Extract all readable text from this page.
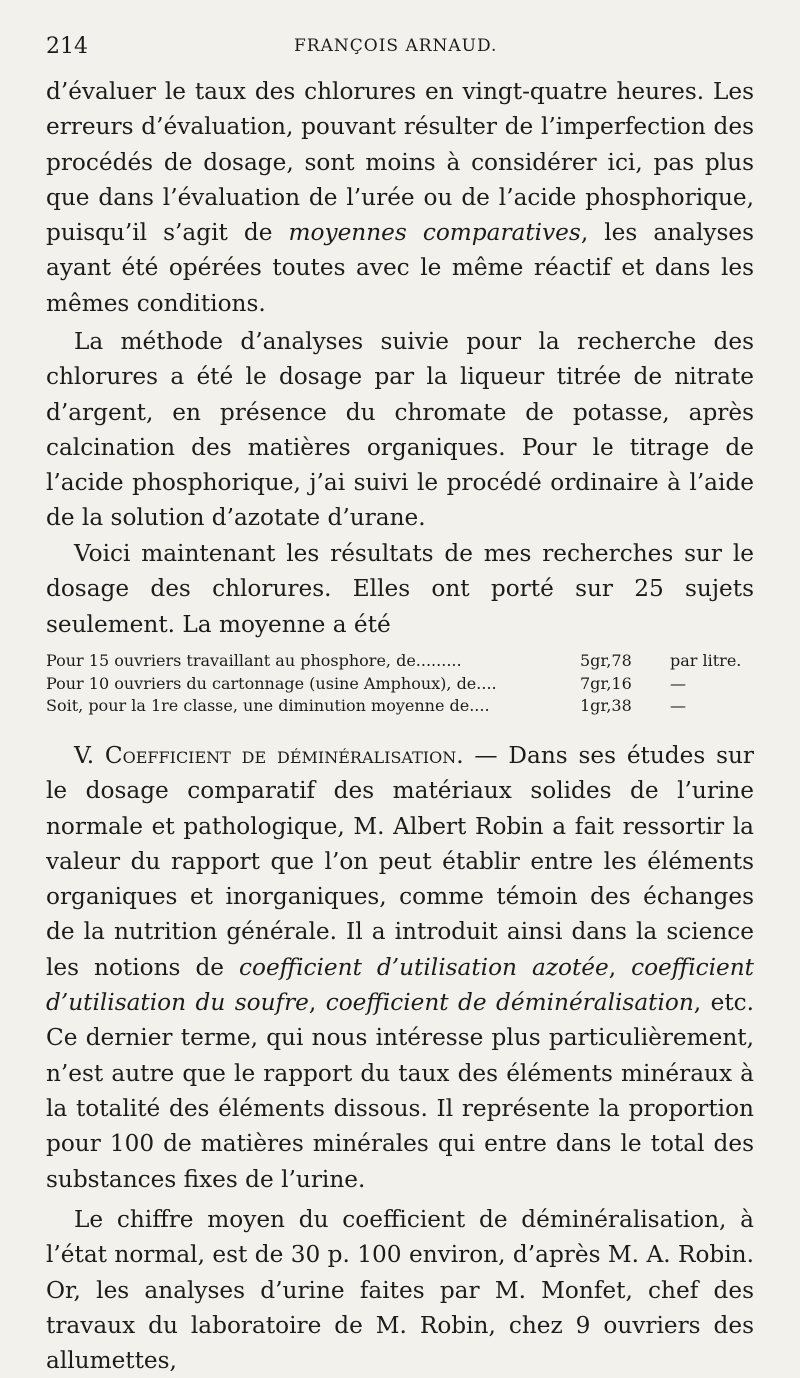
214	FRANÇOIS ARNAUD.

d’évaluer le taux des chlorures en vingt-quatre heures. Les erreurs d’évaluation, pouvant résulter de l’imperfection des procédés de dosage, sont moins à considérer ici, pas plus que dans l’évaluation de l’urée ou de l’acide phosphorique, puisqu’il s’agit de moyennes comparatives, les analyses ayant été opérées toutes avec le même réactif et dans les mêmes conditions.

La méthode d’analyses suivie pour la recherche des chlorures a été le dosage par la liqueur titrée de nitrate d’argent, en présence du chromate de potasse, après calcination des matières organiques. Pour le titrage de l’acide phosphorique, j’ai suivi le procédé ordinaire à l’aide de la solution d’azotate d’urane.

Voici maintenant les résultats de mes recherches sur le dosage des chlorures. Elles ont porté sur 25 sujets seulement. La moyenne a été

Pour 15 ouvriers travaillant au phosphore, de.........	5gr,78 par litre.
Pour 10 ouvriers du cartonnage (usine Amphoux), de....	7gr,16 —
Soit, pour la 1re classe, une diminution moyenne de....	1gr,38 —

V. Coefficient de déminéralisation. — Dans ses études sur le dosage comparatif des matériaux solides de l’urine normale et pathologique, M. Albert Robin a fait ressortir la valeur du rapport que l’on peut établir entre les éléments organiques et inorganiques, comme témoin des échanges de la nutrition générale. Il a introduit ainsi dans la science les notions de coefficient d’utilisation azotée, coefficient d’utilisation du soufre, coefficient de déminéralisation, etc. Ce dernier terme, qui nous intéresse plus particulièrement, n’est autre que le rapport du taux des éléments minéraux à la totalité des éléments dissous. Il représente la proportion pour 100 de matières minérales qui entre dans le total des substances fixes de l’urine.

Le chiffre moyen du coefficient de déminéralisation, à l’état normal, est de 30 p. 100 environ, d’après M. A. Robin. Or, les analyses d’urine faites par M. Monfet, chef des travaux du laboratoire de M. Robin, chez 9 ouvriers des allumettes,
